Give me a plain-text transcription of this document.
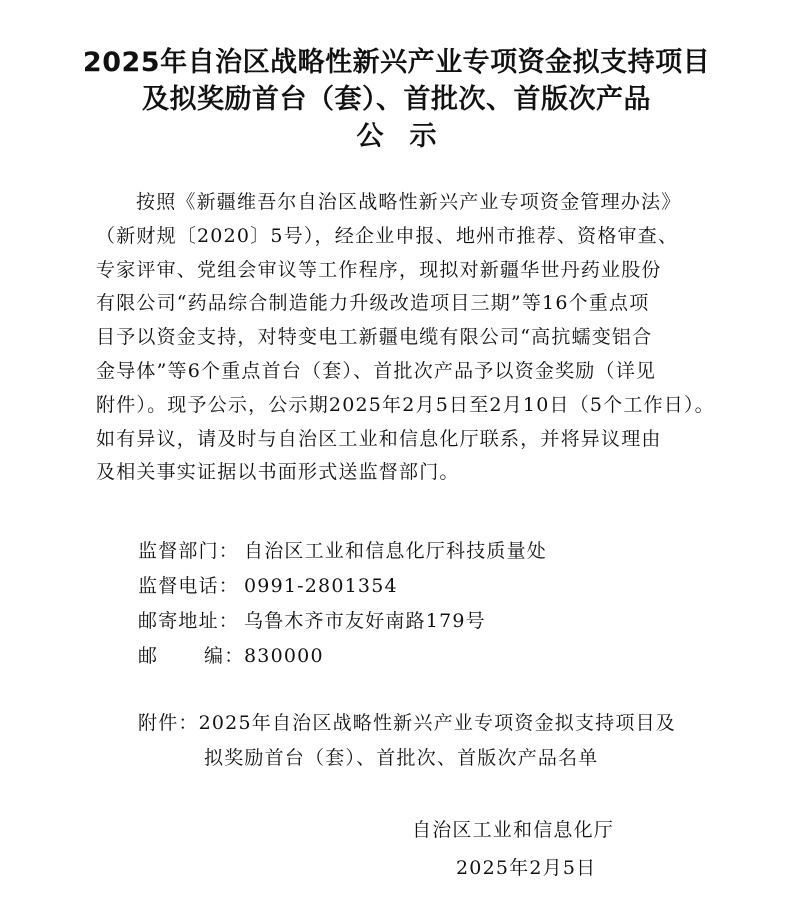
2025年自治区战略性新兴产业专项资金拟支持项目
及拟奖励首台（套）、首批次、首版次产品
公示
按照《新疆维吾尔自治区战略性新兴产业专项资金管理办法》
（新财规〔2020〕5号），经企业申报、地州市推荐、资格审查、
专家评审、党组会审议等工作程序，现拟对新疆华世丹药业股份
有限公司“药品综合制造能力升级改造项目三期”等16个重点项
目予以资金支持，对特变电工新疆电缆有限公司“高抗蠕变铝合
金导体”等6个重点首台（套）、首批次产品予以资金奖励（详见
附件）。现予公示，公示期2025年2月5日至2月10日（5个工作日）。
如有异议，请及时与自治区工业和信息化厅联系，并将异议理由
及相关事实证据以书面形式送监督部门。
监督部门： 自治区工业和信息化厅科技质量处
监督电话： 0991-2801354
邮寄地址： 乌鲁木齐市友好南路179号
邮 编：830000
附件：2025年自治区战略性新兴产业专项资金拟支持项目及
拟奖励首台（套）、首批次、首版次产品名单
自治区工业和信息化厅
2025年2月5日
